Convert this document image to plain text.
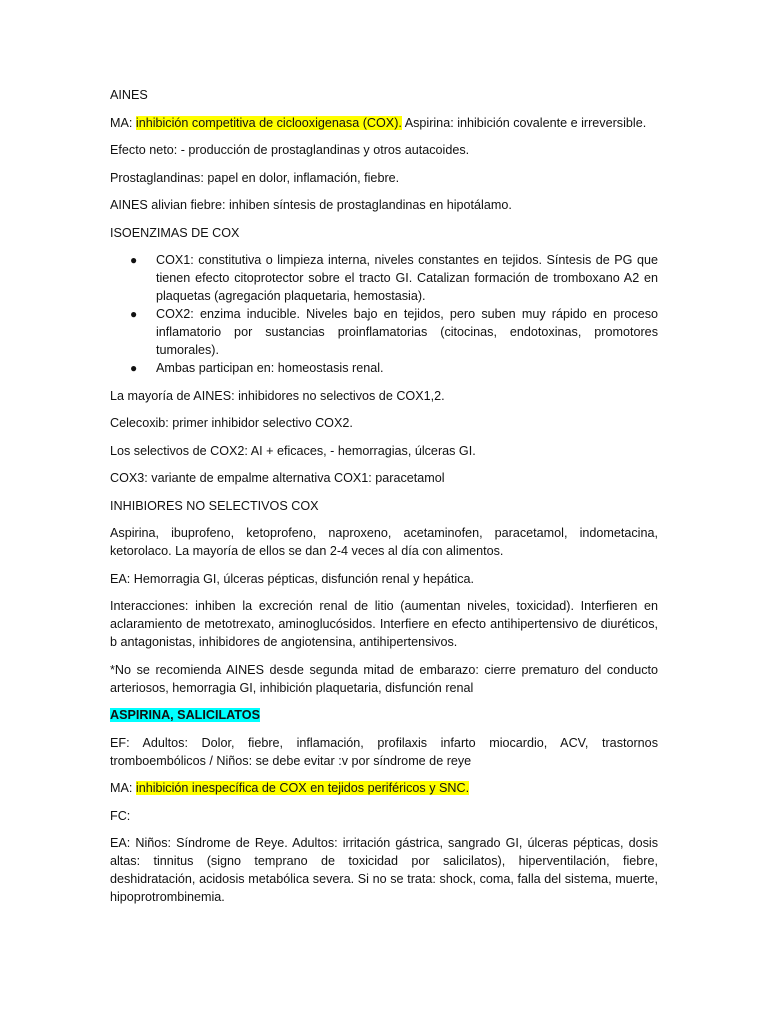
AINES

MA: inhibición competitiva de ciclooxigenasa (COX). Aspirina: inhibición covalente e irreversible.

Efecto neto: - producción de prostaglandinas y otros autacoides.

Prostaglandinas: papel en dolor, inflamación, fiebre.

AINES alivian fiebre: inhiben síntesis de prostaglandinas en hipotálamo.

ISOENZIMAS DE COX

● COX1: constitutiva o limpieza interna, niveles constantes en tejidos. Síntesis de PG que tienen efecto citoprotector sobre el tracto GI. Catalizan formación de tromboxano A2 en plaquetas (agregación plaquetaria, hemostasia).
● COX2: enzima inducible. Niveles bajo en tejidos, pero suben muy rápido en proceso inflamatorio por sustancias proinflamatorias (citocinas, endotoxinas, promotores tumorales).
● Ambas participan en: homeostasis renal.

La mayoría de AINES: inhibidores no selectivos de COX1,2.

Celecoxib: primer inhibidor selectivo COX2.

Los selectivos de COX2: AI + eficaces, - hemorragias, úlceras GI.

COX3: variante de empalme alternativa COX1: paracetamol

INHIBIORES NO SELECTIVOS COX

Aspirina, ibuprofeno, ketoprofeno, naproxeno, acetaminofen, paracetamol, indometacina, ketorolaco. La mayoría de ellos se dan 2-4 veces al día con alimentos.

EA: Hemorragia GI, úlceras pépticas, disfunción renal y hepática.

Interacciones: inhiben la excreción renal de litio (aumentan niveles, toxicidad). Interfieren en aclaramiento de metotrexato, aminoglucósidos. Interfiere en efecto antihipertensivo de diuréticos, b antagonistas, inhibidores de angiotensina, antihipertensivos.

*No se recomienda AINES desde segunda mitad de embarazo: cierre prematuro del conducto arteriosos, hemorragia GI, inhibición plaquetaria, disfunción renal

ASPIRINA, SALICILATOS

EF: Adultos: Dolor, fiebre, inflamación, profilaxis infarto miocardio, ACV, trastornos tromboembólicos / Niños: se debe evitar :v por síndrome de reye

MA: inhibición inespecífica de COX en tejidos periféricos y SNC.

FC:

EA: Niños: Síndrome de Reye. Adultos: irritación gástrica, sangrado GI, úlceras pépticas, dosis altas: tinnitus (signo temprano de toxicidad por salicilatos), hiperventilación, fiebre, deshidratación, acidosis metabólica severa. Si no se trata: shock, coma, falla del sistema, muerte, hipoprotrombinemia.
